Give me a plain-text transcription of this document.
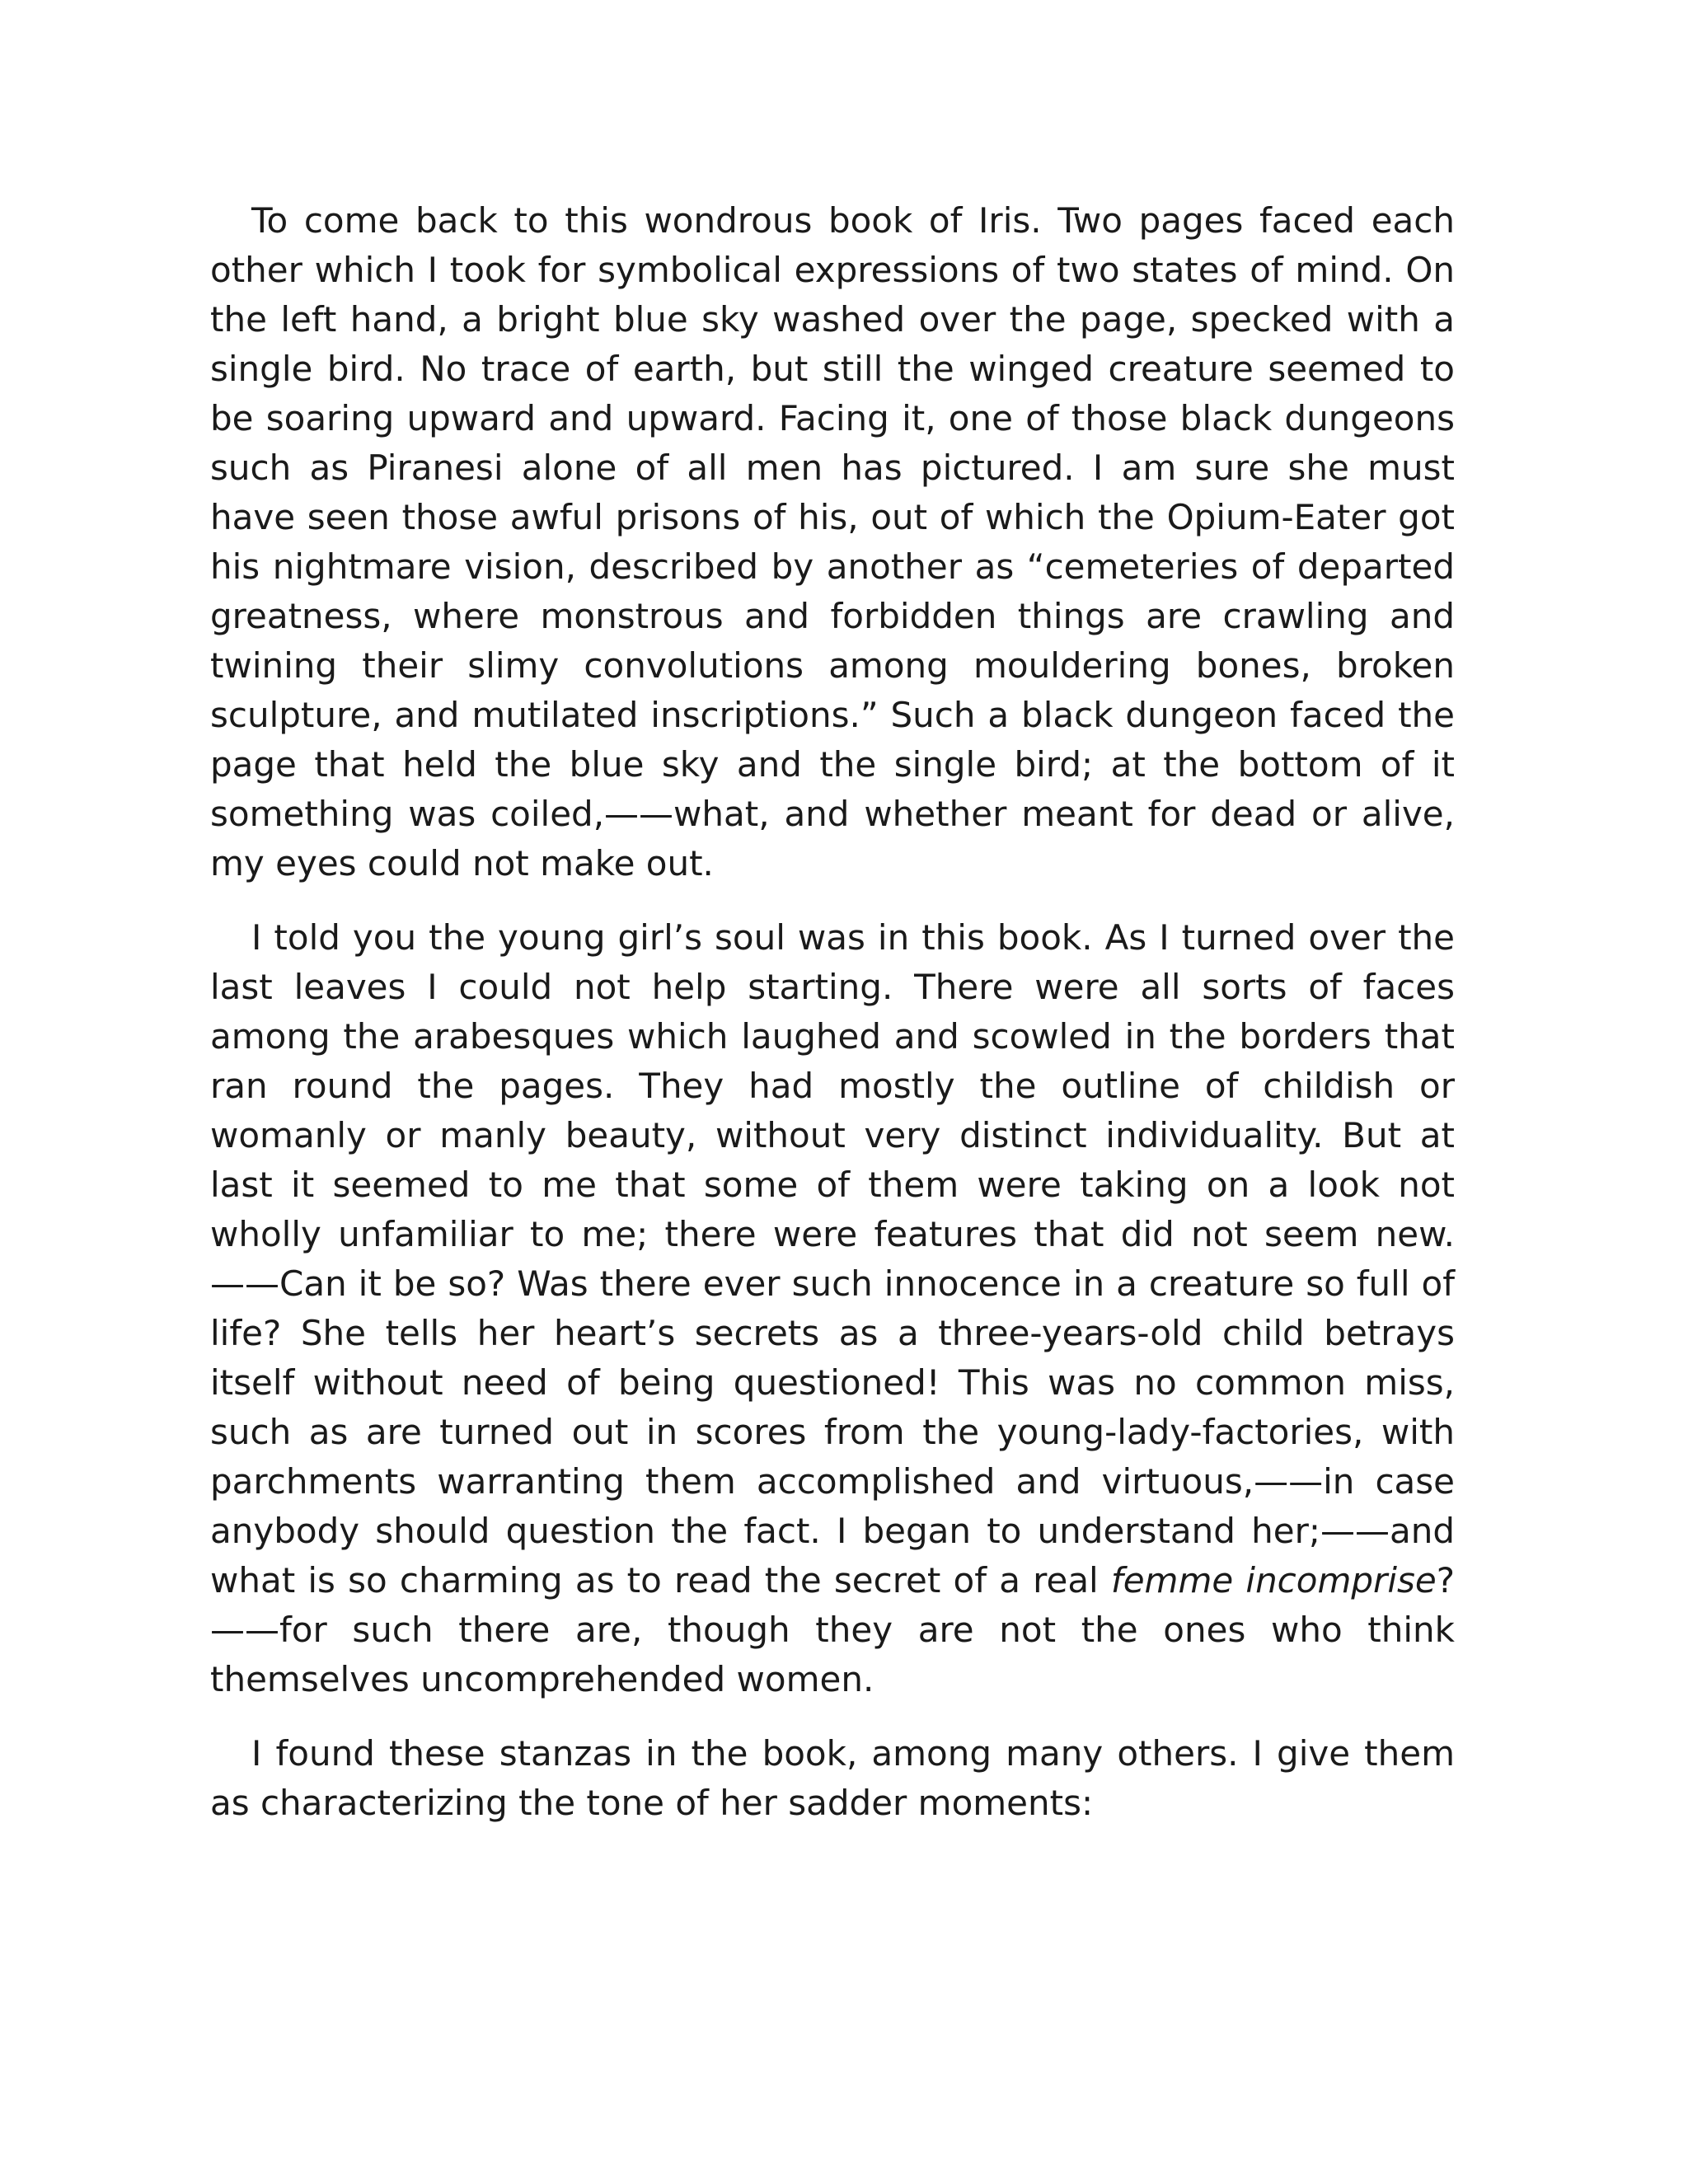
To come back to this wondrous book of Iris. Two pages faced each other which I took for symbolical expressions of two states of mind. On the left hand, a bright blue sky washed over the page, specked with a single bird. No trace of earth, but still the winged creature seemed to be soaring upward and upward. Facing it, one of those black dungeons such as Piranesi alone of all men has pictured. I am sure she must have seen those awful prisons of his, out of which the Opium-Eater got his nightmare vision, described by another as “cemeteries of departed greatness, where monstrous and forbidden things are crawling and twining their slimy convolutions among mouldering bones, broken sculpture, and mutilated inscriptions.” Such a black dungeon faced the page that held the blue sky and the single bird; at the bottom of it something was coiled,——what, and whether meant for dead or alive, my eyes could not make out.

I told you the young girl’s soul was in this book. As I turned over the last leaves I could not help starting. There were all sorts of faces among the arabesques which laughed and scowled in the borders that ran round the pages. They had mostly the outline of childish or womanly or manly beauty, without very distinct individuality. But at last it seemed to me that some of them were taking on a look not wholly unfamiliar to me; there were features that did not seem new. ——Can it be so? Was there ever such innocence in a creature so full of life? She tells her heart’s secrets as a three-years-old child betrays itself without need of being questioned! This was no common miss, such as are turned out in scores from the young-lady-factories, with parchments warranting them accomplished and virtuous,——in case anybody should question the fact. I began to understand her;——and what is so charming as to read the secret of a real femme incomprise?——for such there are, though they are not the ones who think themselves uncomprehended women.

I found these stanzas in the book, among many others. I give them as characterizing the tone of her sadder moments:
